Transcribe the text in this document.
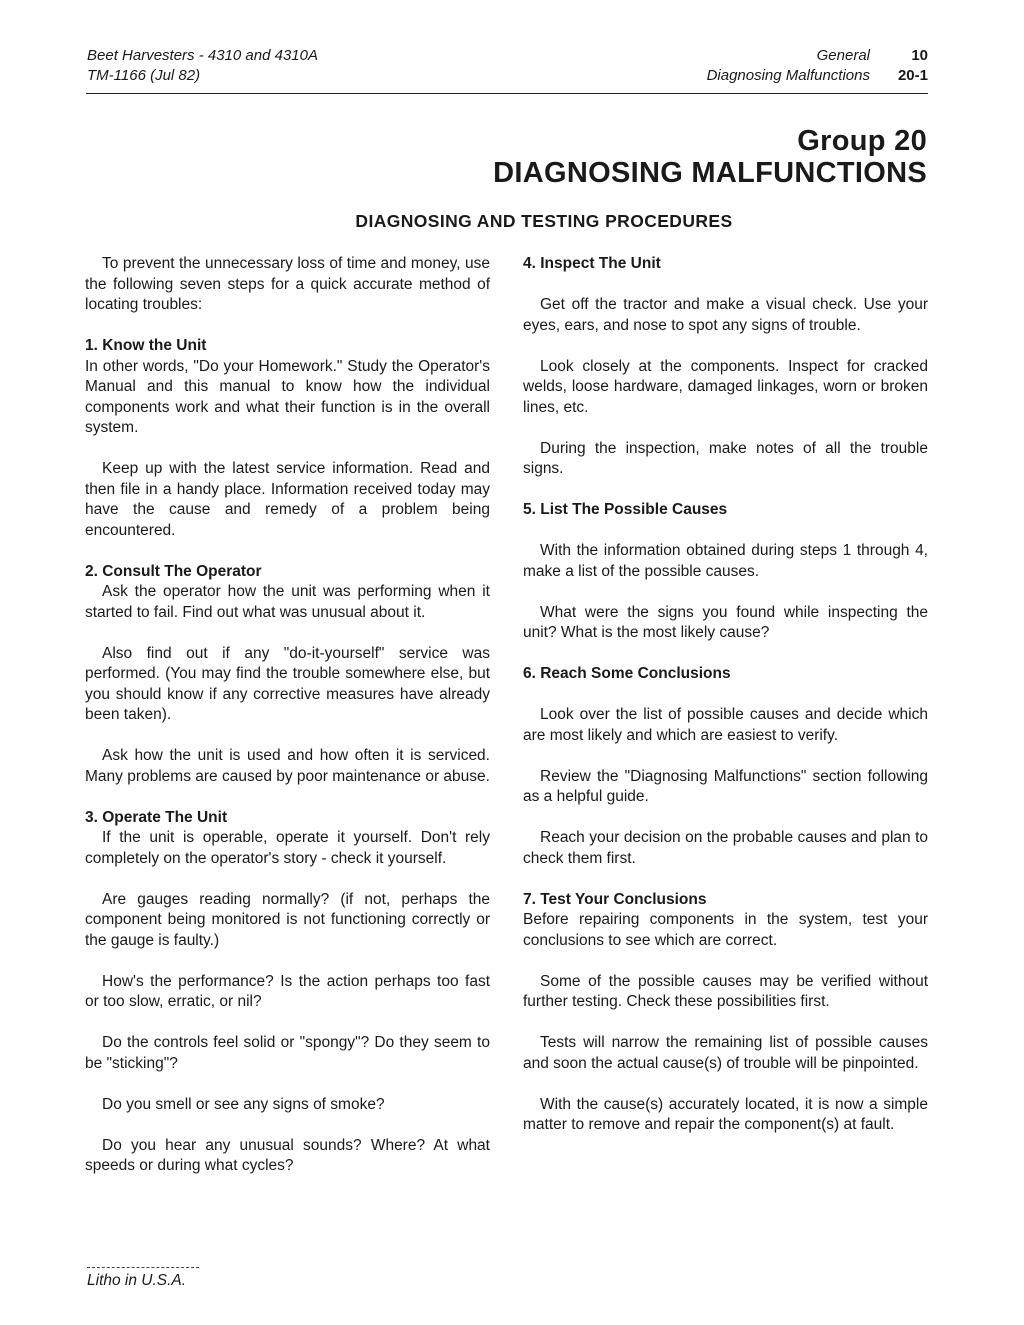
Beet Harvesters - 4310 and 4310A
TM-1166 (Jul 82)
General	10
Diagnosing Malfunctions	20-1
Group 20
DIAGNOSING MALFUNCTIONS
DIAGNOSING AND TESTING PROCEDURES

To prevent the unnecessary loss of time and money, use the following seven steps for a quick accurate method of locating troubles:

1. Know the Unit

In other words, "Do your Homework." Study the Operator's Manual and this manual to know how the individual components work and what their function is in the overall system.

Keep up with the latest service information. Read and then file in a handy place. Information received today may have the cause and remedy of a problem being encountered.

2. Consult The Operator

Ask the operator how the unit was performing when it started to fail. Find out what was unusual about it.

Also find out if any "do-it-yourself" service was performed. (You may find the trouble somewhere else, but you should know if any corrective measures have already been taken).

Ask how the unit is used and how often it is serviced. Many problems are caused by poor maintenance or abuse.

3. Operate The Unit

If the unit is operable, operate it yourself. Don't rely completely on the operator's story - check it yourself.

Are gauges reading normally? (if not, perhaps the component being monitored is not functioning correctly or the gauge is faulty.)

How's the performance? Is the action perhaps too fast or too slow, erratic, or nil?

Do the controls feel solid or "spongy"? Do they seem to be "sticking"?

Do you smell or see any signs of smoke?

Do you hear any unusual sounds? Where? At what speeds or during what cycles?

4. Inspect The Unit

Get off the tractor and make a visual check. Use your eyes, ears, and nose to spot any signs of trouble.

Look closely at the components. Inspect for cracked welds, loose hardware, damaged linkages, worn or broken lines, etc.

During the inspection, make notes of all the trouble signs.

5. List The Possible Causes

With the information obtained during steps 1 through 4, make a list of the possible causes.

What were the signs you found while inspecting the unit? What is the most likely cause?

6. Reach Some Conclusions

Look over the list of possible causes and decide which are most likely and which are easiest to verify.

Review the "Diagnosing Malfunctions" section following as a helpful guide.

Reach your decision on the probable causes and plan to check them first.

7. Test Your Conclusions

Before repairing components in the system, test your conclusions to see which are correct.

Some of the possible causes may be verified without further testing. Check these possibilities first.

Tests will narrow the remaining list of possible causes and soon the actual cause(s) of trouble will be pinpointed.

With the cause(s) accurately located, it is now a simple matter to remove and repair the component(s) at fault.

Litho in U.S.A.
